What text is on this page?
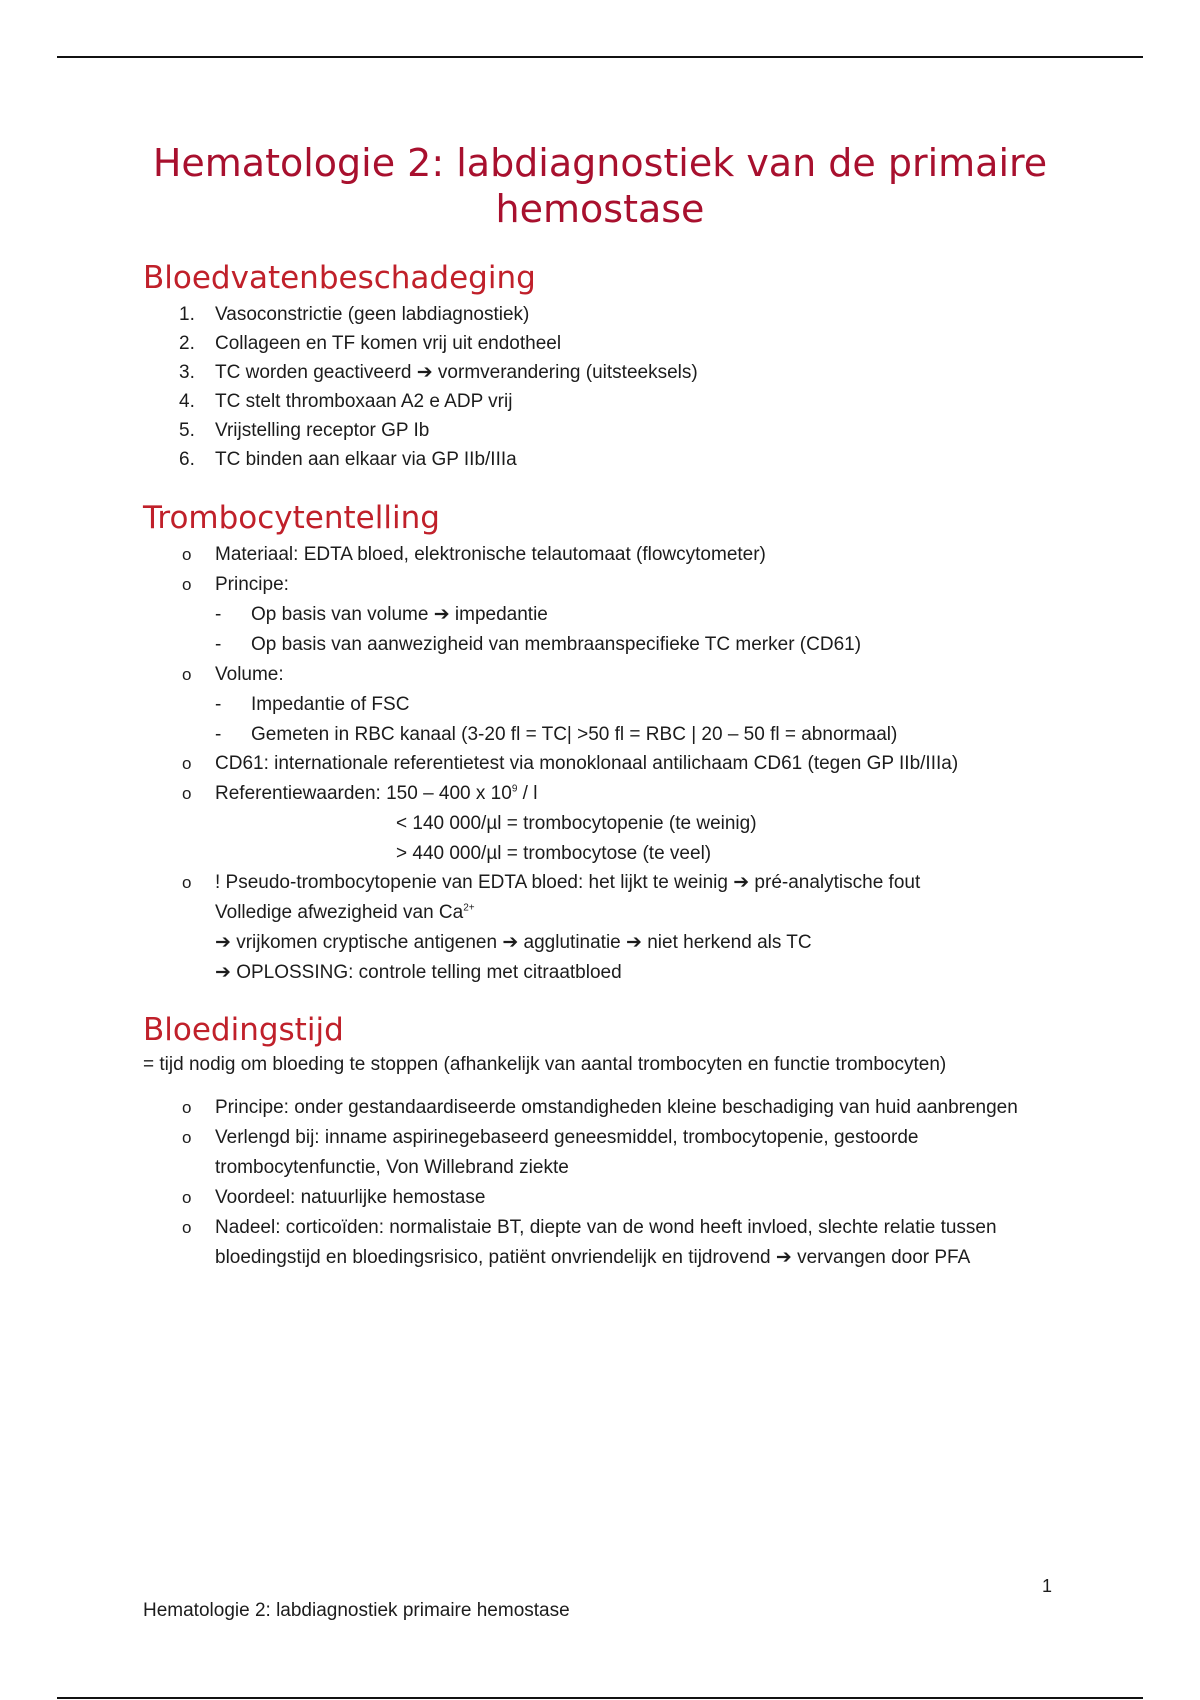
Hematologie 2: labdiagnostiek van de primaire hemostase
Bloedvatenbeschadeging
1.	Vasoconstrictie (geen labdiagnostiek)
2.	Collageen en TF komen vrij uit endotheel
3.	TC worden geactiveerd ➔ vormverandering (uitsteeksels)
4.	TC stelt thromboxaan A2 e ADP vrij
5.	Vrijstelling receptor GP Ib
6.	TC binden aan elkaar via GP IIb/IIIa
Trombocytentelling
o Materiaal: EDTA bloed, elektronische telautomaat (flowcytometer)
o Principe:
- Op basis van volume ➔ impedantie
- Op basis van aanwezigheid van membraanspecifieke TC merker (CD61)
o Volume:
- Impedantie of FSC
- Gemeten in RBC kanaal (3-20 fl = TC| >50 fl = RBC | 20 – 50 fl = abnormaal)
o CD61: internationale referentietest via monoklonaal antilichaam CD61 (tegen GP IIb/IIIa)
o Referentiewaarden: 150 – 400 x $10^9$ / l
< 140 000/µl = trombocytopenie (te weinig)
> 440 000/µl = trombocytose (te veel)
o ! Pseudo-trombocytopenie van EDTA bloed: het lijkt te weinig ➔ pré-analytische fout
Volledige afwezigheid van $Ca^{2+}$
➔ vrijkomen cryptische antigenen ➔ agglutinatie ➔ niet herkend als TC
➔ OPLOSSING: controle telling met citraatbloed
Bloedingstijd

= tijd nodig om bloeding te stoppen (afhankelijk van aantal trombocyten en functie trombocyten)

o Principe: onder gestandaardiseerde omstandigheden kleine beschadiging van huid aanbrengen
o Verlengd bij: inname aspirinegebaseerd geneesmiddel, trombocytopenie, gestoorde trombocytenfunctie, Von Willebrand ziekte
o Voordeel: natuurlijke hemostase
o Nadeel: corticoïden: normalistaie BT, diepte van de wond heeft invloed, slechte relatie tussen bloedingstijd en bloedingsrisico, patiënt onvriendelijk en tijdrovend ➔ vervangen door PFA
1
Hematologie 2: labdiagnostiek primaire hemostase
